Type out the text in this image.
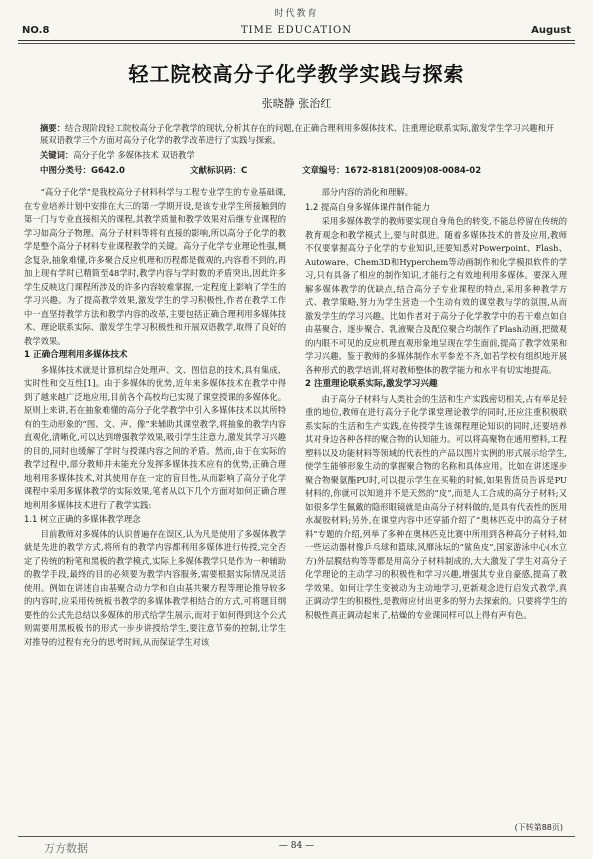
时代教育
NO.8	TIME EDUCATION	August
轻工院校高分子化学教学实践与探索
张晓静 张治红
摘要：结合现阶段轻工院校高分子化学教学的现状,分析其存在的问题,在正确合理利用多媒体技术、注重理论联系实际,激发学生学习兴趣和开展双语教学三个方面对高分子化学的教学改革进行了实践与探索。
关键词：高分子化学 多媒体技术 双语教学
中图分类号：G642.0	文献标识码：C	文章编号：1672-8181(2009)08-0084-02

“高分子化学”是我校高分子材料科学与工程专业学生的专业基础课,在专业培养计划中安排在大三的第一学期开设,是该专业学生所接触到的第一门与专业直接相关的课程,其教学质量和教学效果对后继专业课程的学习如高分子物理、高分子材料等将有直接的影响,所以高分子化学的教学是整个高分子材料专业课程教学的关键。高分子化学专业理论性强,概念复杂,抽象难懂,许多聚合反应机理和历程都是微观的,内容看不到的,再加上现有学时已精简至48学时,教学内容与学时数的矛盾突出,因此许多学生反映这门课程所涉及的许多内容较难掌握,一定程度上影响了学生的学习兴趣。为了提高教学效果,激发学生的学习积极性,作者在教学工作中一直坚持教学方法和教学内容的改革,主要包括正确合理利用多媒体技术、理论联系实际、激发学生学习积极性和开展双语教学,取得了良好的教学效果。

1 正确合理利用多媒体技术

多媒体技术就是计算机综合处理声、文、图信息的技术,具有集成、实时性和交互性[1]。由于多媒体的优势,近年来多媒体技术在教学中得到了越来越广泛地应用,目前各个高校均已实现了课堂授课的多媒体化。原则上来讲,若在抽象难懂的高分子化学教学中引入多媒体技术以其所特有的生动形象的“图、文、声、像”来辅助其课堂教学,将抽象的教学内容直观化,清晰化,可以达到增强教学效果,吸引学生注意力,激发其学习兴趣的目的,同时也缓解了学时与授课内容之间的矛盾。然而,由于在实际的教学过程中,部分教师并未能充分发挥多媒体技术应有的优势,正确合理地利用多媒体技术,对其使用存在一定的盲目性,从而影响了高分子化学课程中采用多媒体教学的实际效果,笔者从以下几个方面对如何正确合理地利用多媒体技术进行了教学实践:

1.1 树立正确的多媒体教学理念

目前教师对多媒体的认识普遍存在误区,认为凡是使用了多媒体教学就是先进的教学方式,将所有的教学内容都利用多媒体进行传授,完全否定了传统的粉笔和黑板的教学模式,实际上多媒体教学只是作为一种辅助的教学手段,最终的目的必须要为教学内容服务,需要根据实际情况灵活使用。例如在讲述自由基聚合动力学和自由基共聚方程等理论推导较多的内容时,应采用传统板书教学的多媒体教学相结合的方式,可将题目纲要性的公式先总结以多媒体的形式给学生展示,而对于如何得到这个公式则需要用黑板板书的形式一步步讲授给学生,要注意节奏的控制,让学生对推导的过程有充分的思考时间,从而保证学生对该

部分内容的消化和理解。

1.2 提高自身多媒体课件制作能力

采用多媒体教学的教师要实现自身角色的转变,不能总停留在传统的教育观念和教学模式上,要与时俱进。随着多媒体技术的普及应用,教师不仅要掌握高分子化学的专业知识,还要知悉对Powerpoint、Flash、Autoware、Chem3D和Hyperchem等动画制作和化学模拟软件的学习,只有具备了相应的制作知识,才能行之有效地利用多媒体。要深入理解多媒体教学的优缺点,结合高分子专业课程的特点,采用多种教学方式、教学策略,努力为学生营造一个生动有效的课堂教与学的氛围,从而激发学生的学习兴趣。比如作者对于高分子化学教学中的若干难点如自由基聚合、逐步聚合、乳液聚合及配位聚合均制作了Flash动画,把微观的内眼不可见的反应机理直观形象地呈现在学生面前,提高了教学效果和学习兴趣。鉴于教师的多媒体制作水平参差不齐,如若学校有组织地开展各种形式的教学培训,将对教师整体的教学能力和水平有切实地提高。

2 注重理论联系实际,激发学习兴趣

由于高分子材料与人类社会的生活和生产实践密切相关,占有举足轻重的地位,教师在进行高分子化学课堂理论教学的同时,还应注重积极联系实际的生活和生产实践,在传授学生该课程理论知识的同时,还要培养其对身边各种各样的聚合物的认知能力。可以将高聚物在通用塑料,工程塑料以及功能材料等领域的代表性的产品以图片实例的形式展示给学生,使学生能够形象生动的掌握聚合物的名称和具体应用。比如在讲述逐步聚合物聚氨酯PU时,可以提示学生在买鞋的时候,如果售货员告诉是PU材料的,你就可以知道并不是天然的“皮”,而是人工合成的高分子材料;又如很多学生佩戴的隐形眼镜就是由高分子材料做的,是具有代表性的医用水凝胶材料;另外,在课堂内容中还穿插介绍了“奥林匹克中的高分子材料”专题的介绍,列举了多种在奥林匹克比赛中所用到各种高分子材料,如一些运动器材像乒乓球和篮球,风靡泳坛的“鲨鱼皮”,国家游泳中心(水立方)外层膜结构等等都是用高分子材料制成的,大大激发了学生对高分子化学理论的主动学习的积极性和学习兴趣,增强其专业自豪感,提高了教学效果。如何让学生变被动为主动地学习,更新观念进行启发式教学,真正调动学生的积极性,是教师应付出更多的努力去探索的。只要将学生的积极性真正调动起来了,枯燥的专业课同样可以上得有声有色。

(下转第88页)
万方数据	— 84 —
